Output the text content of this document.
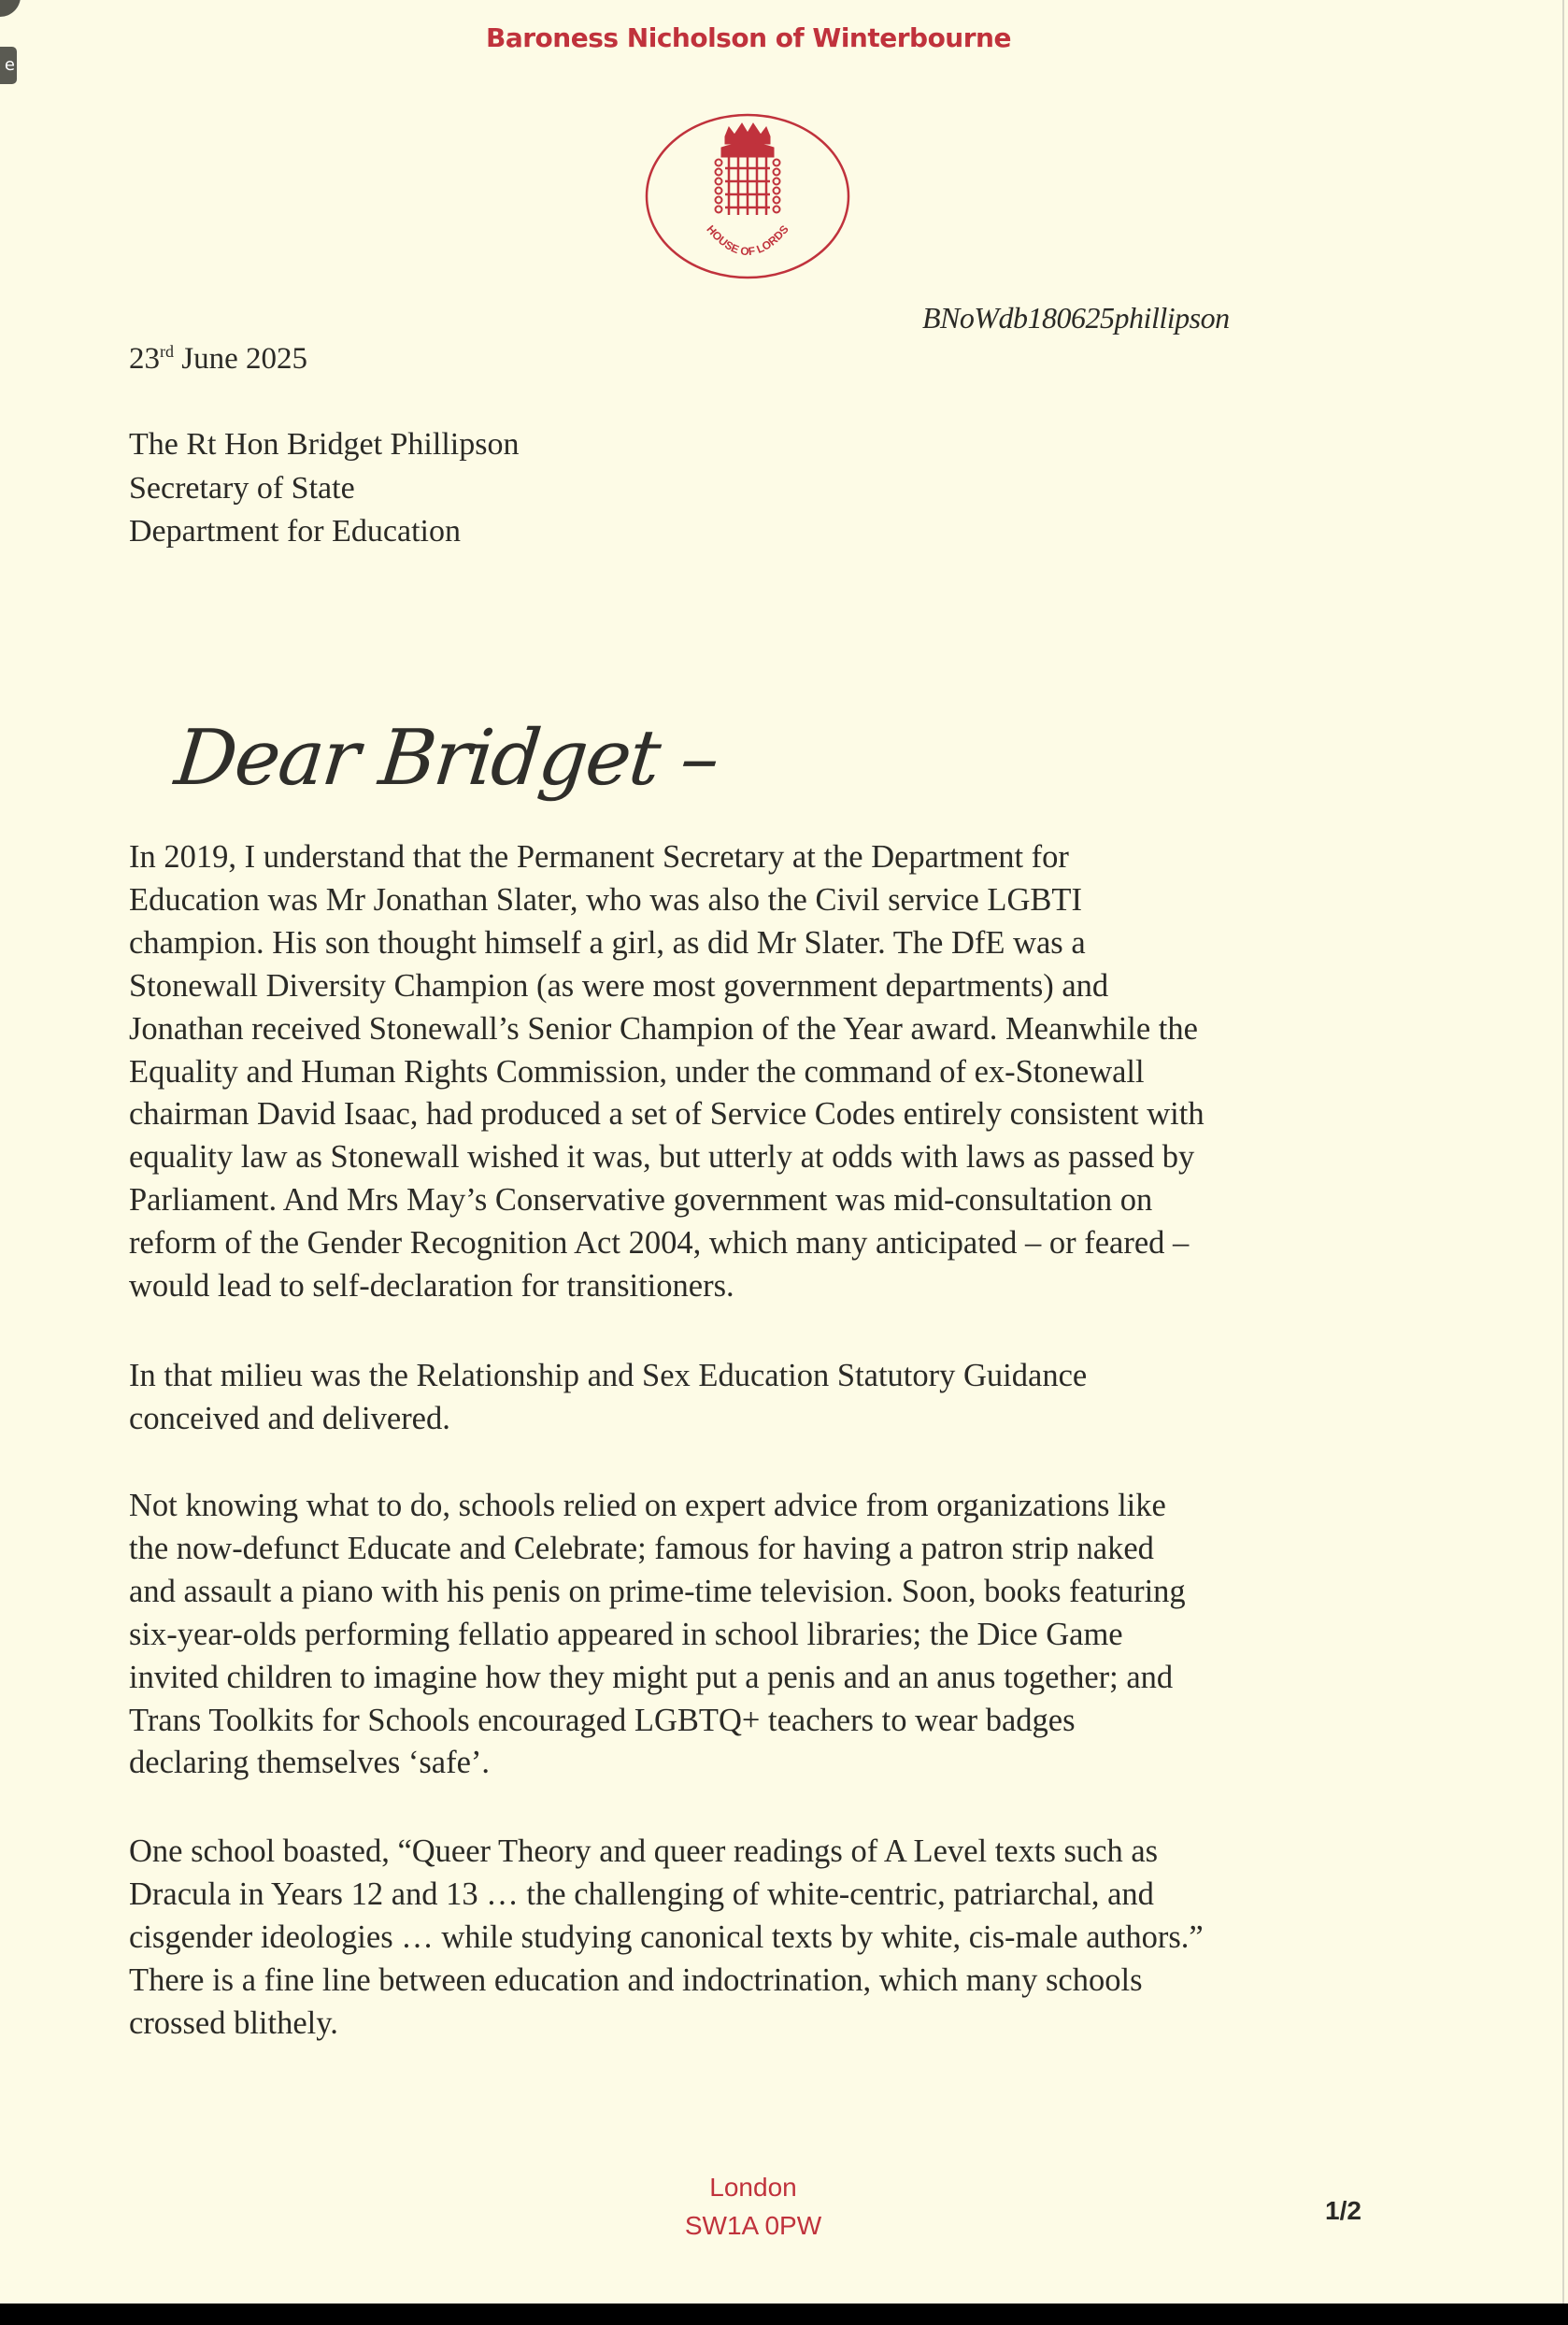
e
Baroness Nicholson of Winterbourne
HOUSE OF LORDS
BNoWdb180625phillipson
23rd June 2025
The Rt Hon Bridget Phillipson
Secretary of State
Department for Education
Dear Bridget –
In 2019, I understand that the Permanent Secretary at the Department for
Education was Mr Jonathan Slater, who was also the Civil service LGBTI
champion. His son thought himself a girl, as did Mr Slater. The DfE was a
Stonewall Diversity Champion (as were most government departments) and
Jonathan received Stonewall’s Senior Champion of the Year award. Meanwhile the
Equality and Human Rights Commission, under the command of ex-Stonewall
chairman David Isaac, had produced a set of Service Codes entirely consistent with
equality law as Stonewall wished it was, but utterly at odds with laws as passed by
Parliament. And Mrs May’s Conservative government was mid-consultation on
reform of the Gender Recognition Act 2004, which many anticipated – or feared –
would lead to self-declaration for transitioners.
In that milieu was the Relationship and Sex Education Statutory Guidance
conceived and delivered.
Not knowing what to do, schools relied on expert advice from organizations like
the now-defunct Educate and Celebrate; famous for having a patron strip naked
and assault a piano with his penis on prime-time television. Soon, books featuring
six-year-olds performing fellatio appeared in school libraries; the Dice Game
invited children to imagine how they might put a penis and an anus together; and
Trans Toolkits for Schools encouraged LGBTQ+ teachers to wear badges
declaring themselves ‘safe’.
One school boasted, “Queer Theory and queer readings of A Level texts such as
Dracula in Years 12 and 13 … the challenging of white-centric, patriarchal, and
cisgender ideologies … while studying canonical texts by white, cis-male authors.”
There is a fine line between education and indoctrination, which many schools
crossed blithely.
London
SW1A 0PW
1/2
